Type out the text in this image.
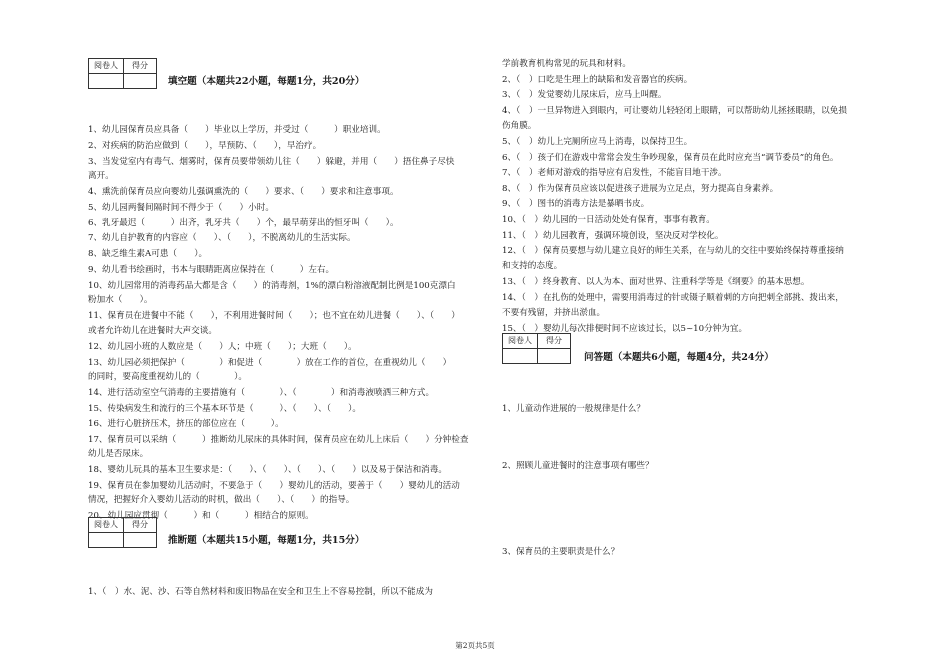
阅卷人	得分

填空题（本题共22小题，每题1分，共20分）
1、幼儿园保育员应具备（　　）毕业以上学历，并受过（　　　）职业培训。
2、对疾病的防治应做到（　　），早预防、（　　），早治疗。
3、当发觉室内有毒气、烟雾时，保育员要带领幼儿往（　　）躲避，并用（　　）捂住鼻子尽快
离开。
4、熏洗前保育员应向婴幼儿强调熏洗的（　　）要求、（　　）要求和注意事项。
5、幼儿园两餐间隔时间不得少于（　　）小时。
6、乳牙最迟（　　　）出齐，乳牙共（　　）个，最早萌芽出的恒牙叫（　　）。
7、幼儿自护教育的内容应（　　）、（　　），不脱离幼儿的生活实际。
8、缺乏维生素A可患（　　）。
9、幼儿看书绘画时，书本与眼睛距离应保持在（　　　）左右。
10、幼儿园常用的消毒药品大都是含（　　）的消毒剂，1%的漂白粉溶液配制比例是100克漂白
粉加水（　　）。
11、保育员在进餐中不能（　　），不利用进餐时间（　　）；也不宜在幼儿进餐（　　）、（　　）
或者允许幼儿在进餐时大声交谈。
12、幼儿园小班的人数应是（　　）人；中班（　　）；大班（　　）。
13、幼儿园必须把保护（　　　　）和促进（　　　　）放在工作的首位，在重视幼儿（　　）
的同时，要高度重视幼儿的（　　　　）。
14、进行活动室空气消毒的主要措施有（　　　　）、（　　　　）和消毒液喷洒三种方式。
15、传染病发生和流行的三个基本环节是（　　　）、（　　）、（　　）。
16、进行心脏挤压术，挤压的部位应在（　　　）。
17、保育员可以采纳（　　　）推断幼儿尿床的具体时间，保育员应在幼儿上床后（　　）分钟检查
幼儿是否尿床。
18、婴幼儿玩具的基本卫生要求是：（　　）、（　　）、（　　）、（　　）以及易于保洁和消毒。
19、保育员在参加婴幼儿活动时，不要急于（　　）婴幼儿的活动，要善于（　　）婴幼儿的活动
情况，把握好介入婴幼儿活动的时机，做出（　　）、（　　）的指导。
20、幼儿园应贯彻（　　　）和（　　　）相结合的原则。
阅卷人	得分

推断题（本题共15小题，每题1分，共15分）
1、（　）水、泥、沙、石等自然材料和废旧物品在安全和卫生上不容易控制，所以不能成为
学前教育机构常见的玩具和材料。
2、（　）口吃是生理上的缺陷和发音器官的疾病。
3、（　）发觉婴幼儿尿床后，应马上叫醒。
4、（　）一旦异物进入到眼内，可让婴幼儿轻轻闭上眼睛，可以帮助幼儿拯拯眼睛，以免损
伤角膜。
5、（　）幼儿上完厕所应马上消毒，以保持卫生。
6、（　）孩子们在游戏中常常会发生争吵现象，保育员在此时应充当“调节委员”的角色。
7、（　）老师对游戏的指导应有启发性，不能盲目地干涉。
8、（　）作为保育员应该以促进孩子进展为立足点，努力提高自身素养。
9、（　）图书的消毒方法是暴晒书皮。
10、（　）幼儿园的一日活动处处有保育，事事有教育。
11、（　）幼儿园教育，强调环境创设，坚决反对学校化。
12、（　）保育员要想与幼儿建立良好的师生关系，在与幼儿的交往中要始终保持尊重接纳
和支持的态度。
13、（　）终身教育、以人为本、面对世界、注重科学等是《纲要》的基本思想。
14、（　）在扎伤的处理中，需要用消毒过的针或镊子顺着刺的方向把刺全部挑、拨出来，
不要有残留，并挤出淤血。
15、（　）婴幼儿每次排便时间不应该过长，以5~10分钟为宜。
阅卷人	得分

问答题（本题共6小题，每题4分，共24分）
1、儿童动作进展的一般规律是什么？
2、照顾儿童进餐时的注意事项有哪些？
3、保育员的主要职责是什么？
第2页共5页
